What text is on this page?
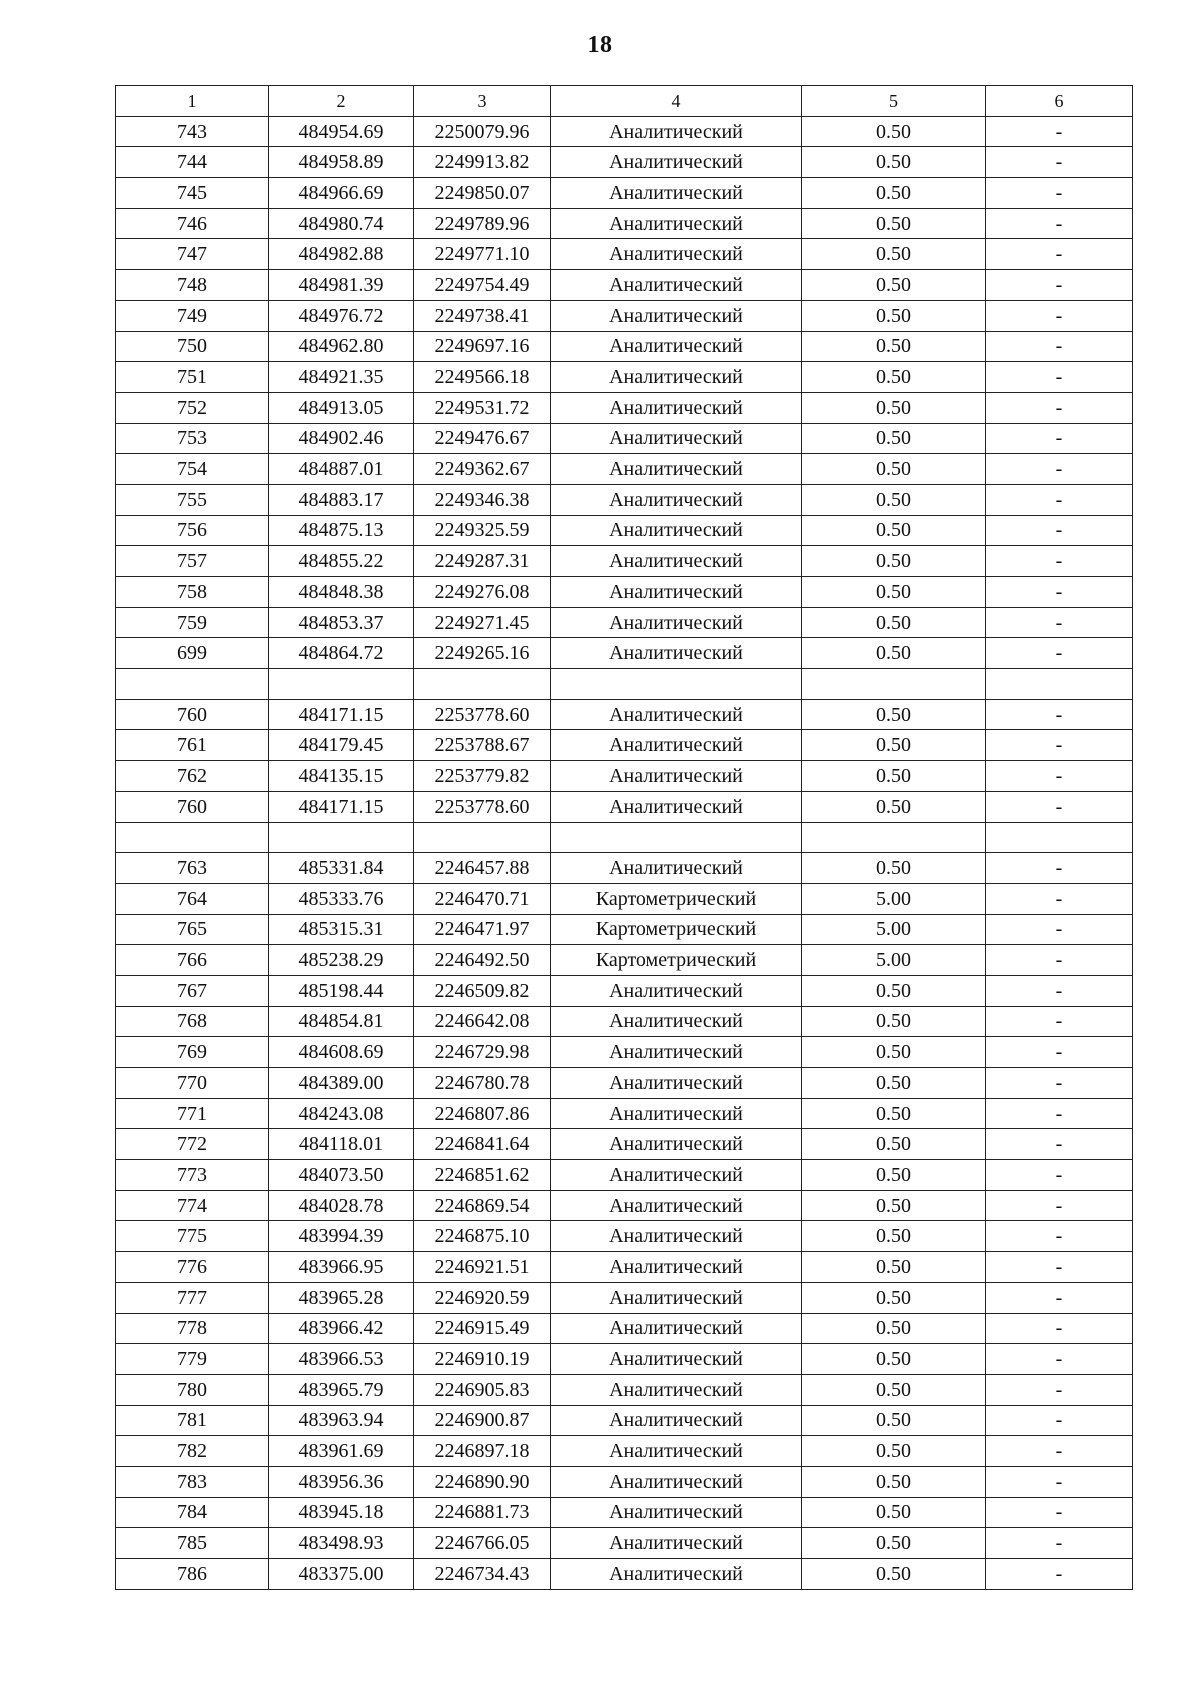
18
1	2	3	4	5	6
743	484954.69	2250079.96	Аналитический	0.50	-
744	484958.89	2249913.82	Аналитический	0.50	-
745	484966.69	2249850.07	Аналитический	0.50	-
746	484980.74	2249789.96	Аналитический	0.50	-
747	484982.88	2249771.10	Аналитический	0.50	-
748	484981.39	2249754.49	Аналитический	0.50	-
749	484976.72	2249738.41	Аналитический	0.50	-
750	484962.80	2249697.16	Аналитический	0.50	-
751	484921.35	2249566.18	Аналитический	0.50	-
752	484913.05	2249531.72	Аналитический	0.50	-
753	484902.46	2249476.67	Аналитический	0.50	-
754	484887.01	2249362.67	Аналитический	0.50	-
755	484883.17	2249346.38	Аналитический	0.50	-
756	484875.13	2249325.59	Аналитический	0.50	-
757	484855.22	2249287.31	Аналитический	0.50	-
758	484848.38	2249276.08	Аналитический	0.50	-
759	484853.37	2249271.45	Аналитический	0.50	-
699	484864.72	2249265.16	Аналитический	0.50	-

760	484171.15	2253778.60	Аналитический	0.50	-
761	484179.45	2253788.67	Аналитический	0.50	-
762	484135.15	2253779.82	Аналитический	0.50	-
760	484171.15	2253778.60	Аналитический	0.50	-

763	485331.84	2246457.88	Аналитический	0.50	-
764	485333.76	2246470.71	Картометрический	5.00	-
765	485315.31	2246471.97	Картометрический	5.00	-
766	485238.29	2246492.50	Картометрический	5.00	-
767	485198.44	2246509.82	Аналитический	0.50	-
768	484854.81	2246642.08	Аналитический	0.50	-
769	484608.69	2246729.98	Аналитический	0.50	-
770	484389.00	2246780.78	Аналитический	0.50	-
771	484243.08	2246807.86	Аналитический	0.50	-
772	484118.01	2246841.64	Аналитический	0.50	-
773	484073.50	2246851.62	Аналитический	0.50	-
774	484028.78	2246869.54	Аналитический	0.50	-
775	483994.39	2246875.10	Аналитический	0.50	-
776	483966.95	2246921.51	Аналитический	0.50	-
777	483965.28	2246920.59	Аналитический	0.50	-
778	483966.42	2246915.49	Аналитический	0.50	-
779	483966.53	2246910.19	Аналитический	0.50	-
780	483965.79	2246905.83	Аналитический	0.50	-
781	483963.94	2246900.87	Аналитический	0.50	-
782	483961.69	2246897.18	Аналитический	0.50	-
783	483956.36	2246890.90	Аналитический	0.50	-
784	483945.18	2246881.73	Аналитический	0.50	-
785	483498.93	2246766.05	Аналитический	0.50	-
786	483375.00	2246734.43	Аналитический	0.50	-
